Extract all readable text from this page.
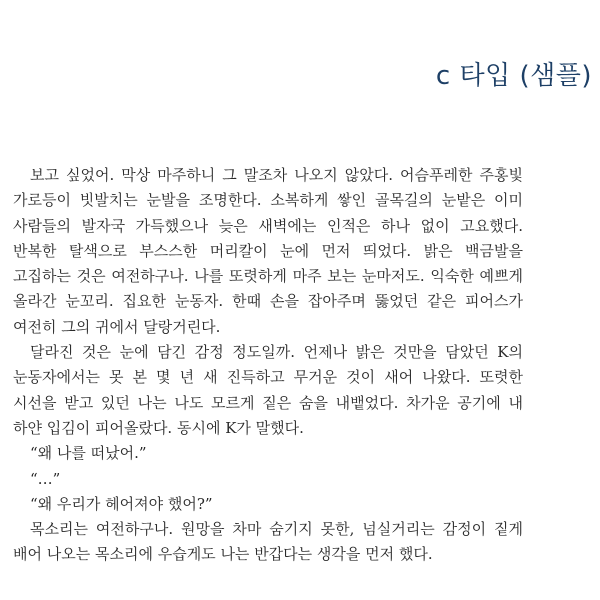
c 타입 (샘플)

보고 싶었어. 막상 마주하니 그 말조차 나오지 않았다. 어슴푸레한 주홍빛 가로등이 빗발치는 눈발을 조명한다. 소복하게 쌓인 골목길의 눈밭은 이미 사람들의 발자국 가득했으나 늦은 새벽에는 인적은 하나 없이 고요했다. 반복한 탈색으로 부스스한 머리칼이 눈에 먼저 띄었다. 밝은 백금발을 고집하는 것은 여전하구나. 나를 또렷하게 마주 보는 눈마저도. 익숙한 예쁘게 올라간 눈꼬리. 집요한 눈동자. 한때 손을 잡아주며 뚫었던 같은 피어스가 여전히 그의 귀에서 달랑거린다.

달라진 것은 눈에 담긴 감정 정도일까. 언제나 밝은 것만을 담았던 K의 눈동자에서는 못 본 몇 년 새 진득하고 무거운 것이 새어 나왔다. 또렷한 시선을 받고 있던 나는 나도 모르게 짙은 숨을 내뱉었다. 차가운 공기에 내 하얀 입김이 피어올랐다. 동시에 K가 말했다.

“왜 나를 떠났어.”

“…”

“왜 우리가 헤어져야 했어?”

목소리는 여전하구나. 원망을 차마 숨기지 못한, 넘실거리는 감정이 짙게 배어 나오는 목소리에 우습게도 나는 반갑다는 생각을 먼저 했다.
